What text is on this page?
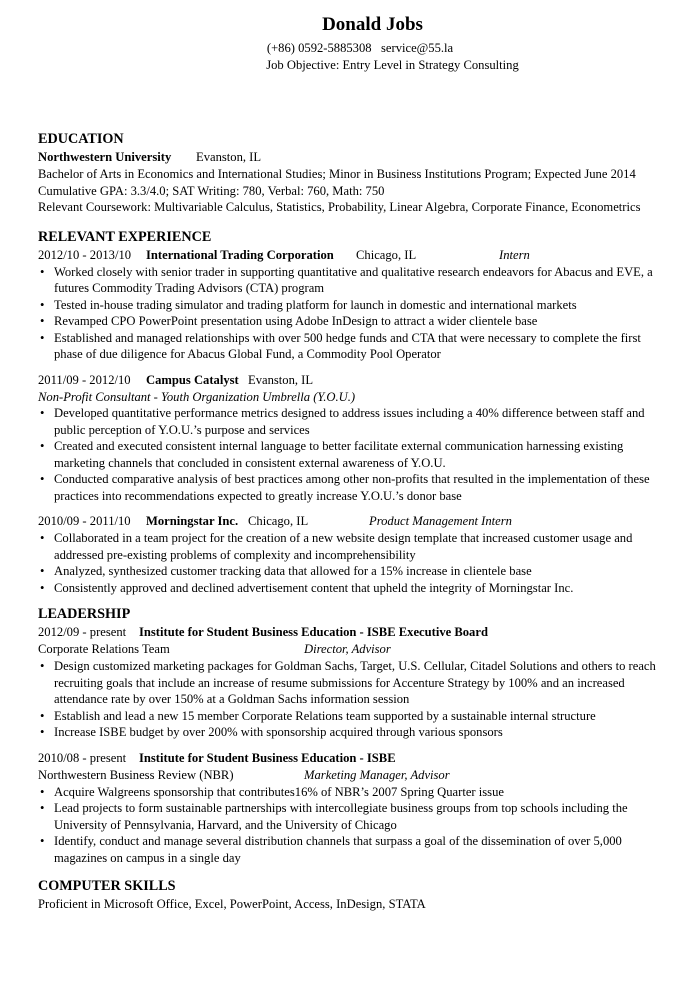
Donald Jobs
(+86) 0592-5885308   service@55.la
Job Objective: Entry Level in Strategy Consulting
EDUCATION
Northwestern University Evanston, IL
Bachelor of Arts in Economics and International Studies; Minor in Business Institutions Program; Expected June 2014
Cumulative GPA: 3.3/4.0; SAT Writing: 780, Verbal: 760, Math: 750
Relevant Coursework: Multivariable Calculus, Statistics, Probability, Linear Algebra, Corporate Finance, Econometrics
RELEVANT EXPERIENCE
2012/10 - 2013/10 International Trading Corporation Chicago, IL	Intern
• Worked closely with senior trader in supporting quantitative and qualitative research endeavors for Abacus and EVE, a futures Commodity Trading Advisors (CTA) program
• Tested in-house trading simulator and trading platform for launch in domestic and international markets
• Revamped CPO PowerPoint presentation using Adobe InDesign to attract a wider clientele base
• Established and managed relationships with over 500 hedge funds and CTA that were necessary to complete the first phase of due diligence for Abacus Global Fund, a Commodity Pool Operator
2011/09 - 2012/10 Campus Catalyst Evanston, IL
Non-Profit Consultant - Youth Organization Umbrella (Y.O.U.)
• Developed quantitative performance metrics designed to address issues including a 40% difference between staff and public perception of Y.O.U.’s purpose and services
• Created and executed consistent internal language to better facilitate external communication harnessing existing marketing channels that concluded in consistent external awareness of Y.O.U.
• Conducted comparative analysis of best practices among other non-profits that resulted in the implementation of these practices into recommendations expected to greatly increase Y.O.U.’s donor base
2010/09 - 2011/10 Morningstar Inc. Chicago, IL	Product Management Intern
• Collaborated in a team project for the creation of a new website design template that increased customer usage and addressed pre-existing problems of complexity and incomprehensibility
• Analyzed, synthesized customer tracking data that allowed for a 15% increase in clientele base
• Consistently approved and declined advertisement content that upheld the integrity of Morningstar Inc.
LEADERSHIP
2012/09 - present Institute for Student Business Education - ISBE Executive Board
Corporate Relations Team	Director, Advisor
• Design customized marketing packages for Goldman Sachs, Target, U.S. Cellular, Citadel Solutions and others to reach recruiting goals that include an increase of resume submissions for Accenture Strategy by 100% and an increased attendance rate by over 150% at a Goldman Sachs information session
• Establish and lead a new 15 member Corporate Relations team supported by a sustainable internal structure
• Increase ISBE budget by over 200% with sponsorship acquired through various sponsors
2010/08 - present Institute for Student Business Education - ISBE
Northwestern Business Review (NBR)	Marketing Manager, Advisor
• Acquire Walgreens sponsorship that contributes16% of NBR’s 2007 Spring Quarter issue
• Lead projects to form sustainable partnerships with intercollegiate business groups from top schools including the University of Pennsylvania, Harvard, and the University of Chicago
• Identify, conduct and manage several distribution channels that surpass a goal of the dissemination of over 5,000 magazines on campus in a single day
COMPUTER SKILLS
Proficient in Microsoft Office, Excel, PowerPoint, Access, InDesign, STATA
